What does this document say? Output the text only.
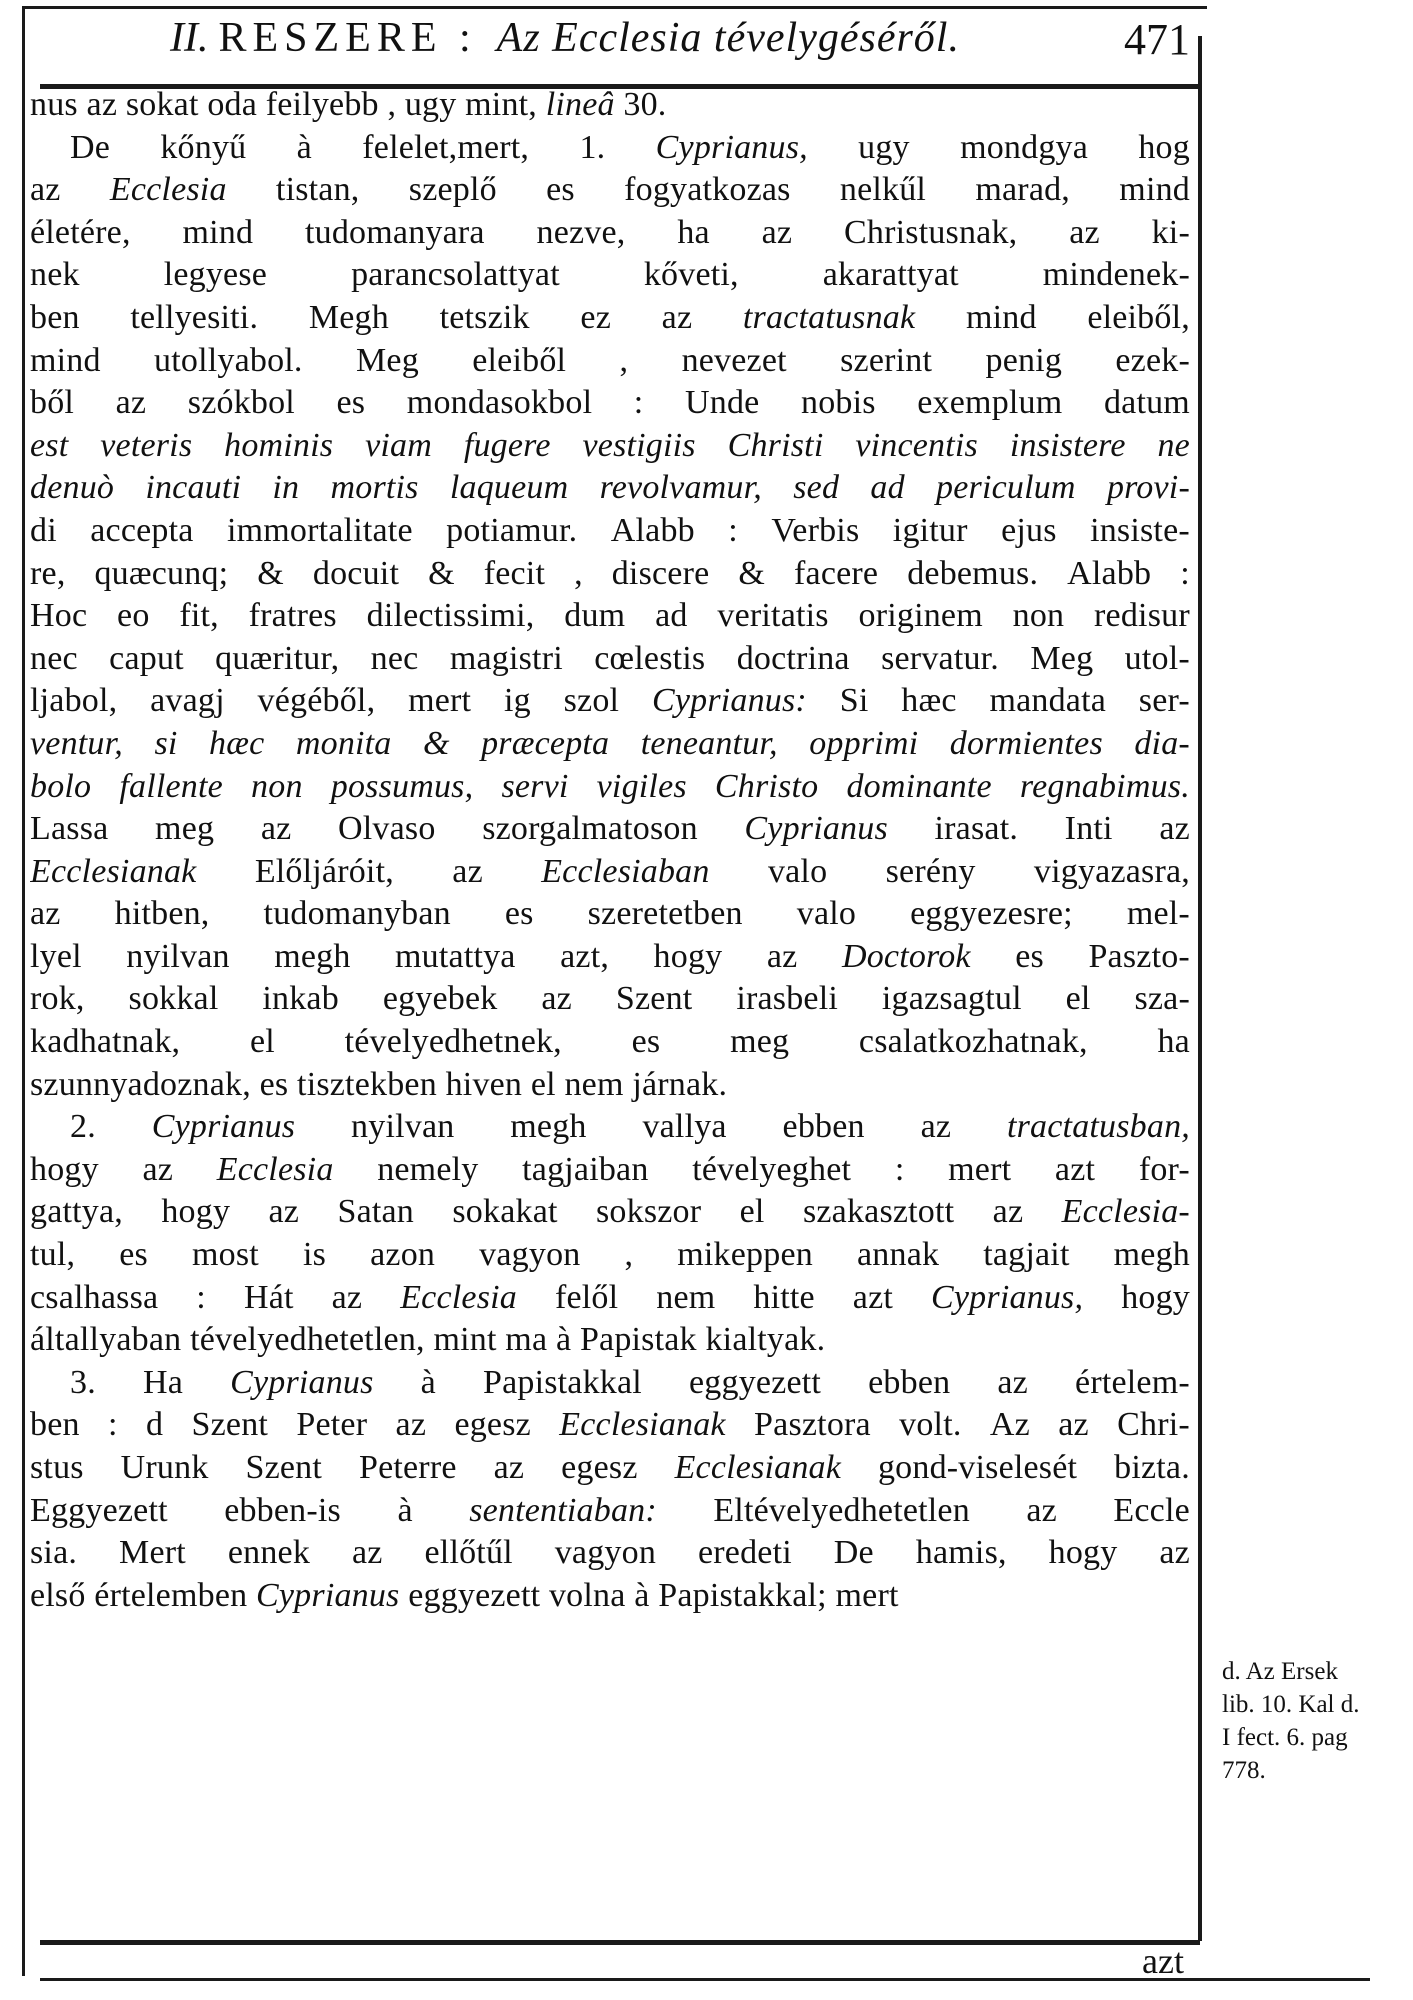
II. RESZERE : Az Ecclesia tévelygéséről.	471
nus
az
sokat
oda
feilyebb
,
ugy
mint,
lineâ
30.

De kőnyű à felelet,mert, 1. Cyprianus, ugy mondgya hog
az Ecclesia tistan, szeplő es fogyatkozas nelkűl marad, mind
életére, mind tudomanyara nezve, ha az Christusnak, az ki-
nek legyese parancsolattyat kőveti, akarattyat mindenek-
ben tellyesiti. Megh tetszik ez az tractatusnak mind eleiből,
mind utollyabol. Meg eleiből , nevezet szerint penig ezek-
ből az szókbol es mondasokbol : Unde nobis exemplum datum
est veteris hominis viam fugere vestigiis Christi vincentis insistere ne
denuò incauti in mortis laqueum revolvamur, sed ad periculum provi-
di accepta immortalitate potiamur. Alabb : Verbis igitur ejus insiste-
re, quæcunq; & docuit & fecit , discere & facere debemus. Alabb :
Hoc eo fit, fratres dilectissimi, dum ad veritatis originem non redisur
nec caput quæritur, nec magistri cœlestis doctrina servatur. Meg utol-
ljabol, avagj végéből, mert ig szol Cyprianus: Si hæc mandata ser-
ventur, si hæc monita & præcepta teneantur, opprimi dormientes dia-
bolo fallente non possumus, servi vigiles Christo dominante regnabimus.
Lassa meg az Olvaso szorgalmatoson Cyprianus irasat. Inti az
Ecclesianak Előljáróit, az Ecclesiaban valo serény vigyazasra,
az hitben, tudomanyban es szeretetben valo eggyezesre; mel-
lyel nyilvan megh mutattya azt, hogy az Doctorok es Paszto-
rok, sokkal inkab egyebek az Szent irasbeli igazsagtul el sza-
kadhatnak, el tévelyedhetnek, es meg csalatkozhatnak, ha
szunnyadoznak,
es
tisztekben
hiven
el
nem
járnak.

2. Cyprianus nyilvan megh vallya ebben az tractatusban,
hogy az Ecclesia nemely tagjaiban tévelyeghet : mert azt for-
gattya, hogy az Satan sokakat sokszor el szakasztott az Ecclesia-
tul, es most is azon vagyon , mikeppen annak tagjait megh
csalhassa : Hát az Ecclesia felől nem hitte azt Cyprianus, hogy
általlyaban
tévelyedhetetlen,
mint
ma
à
Papistak
kialtyak.

3. Ha Cyprianus à Papistakkal eggyezett ebben az értelem-
ben : d Szent Peter az egesz Ecclesianak Pasztora volt. Az az Chri-
stus Urunk Szent Peterre az egesz Ecclesianak gond-viselesét bizta.
Eggyezett ebben-is à sententiaban: Eltévelyedhetetlen az Eccle
sia. Mert ennek az ellőtűl vagyon eredeti De hamis, hogy az
első
értelemben
Cyprianus
eggyezett
volna
à
Papistakkal;
mert

d. Az Ersek
lib. 10. Kal d.
I fect. 6. pag
778.
azt
